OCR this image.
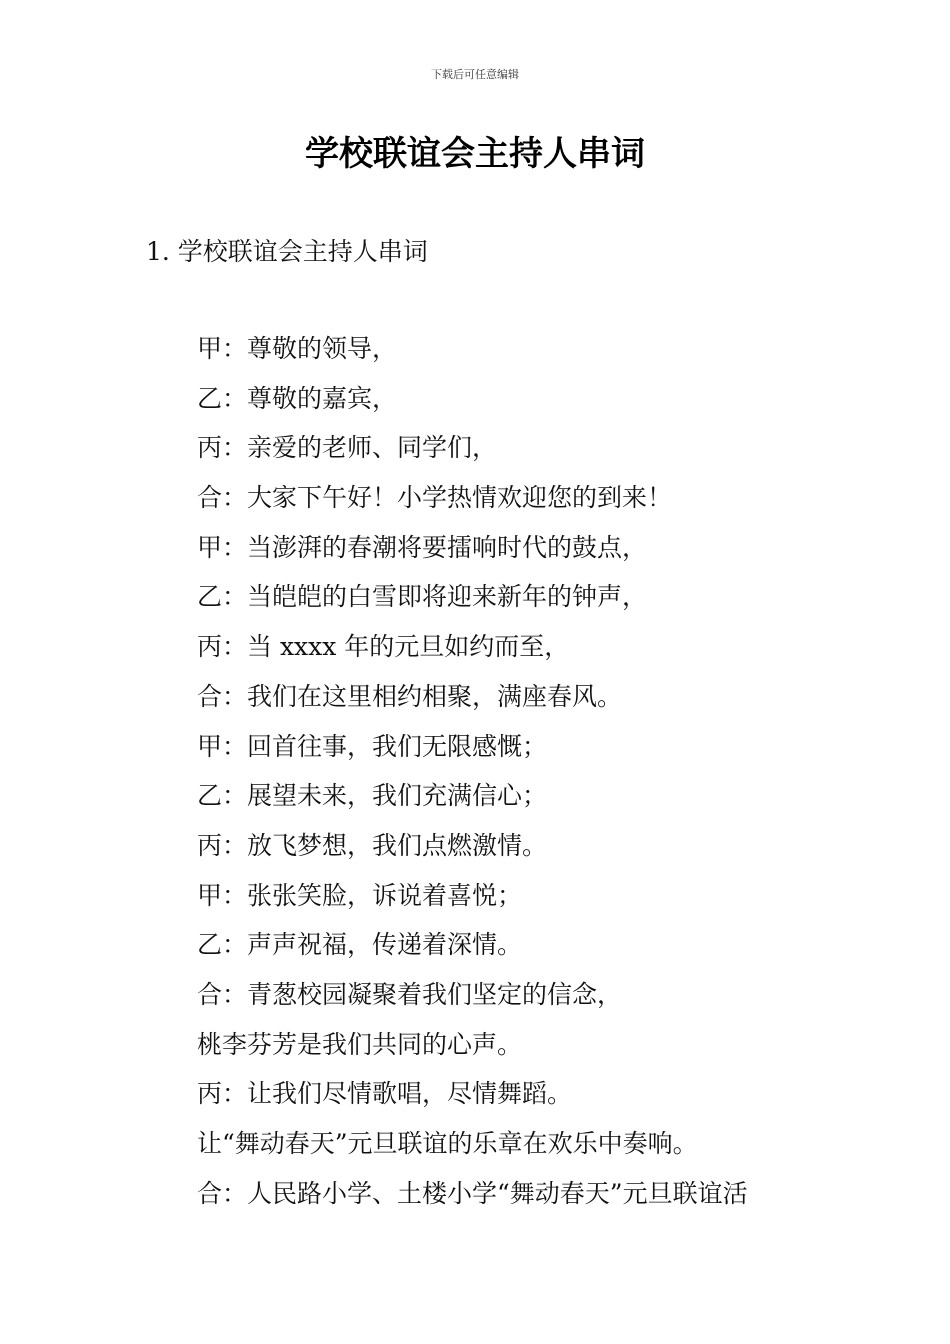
下载后可任意编辑
学校联谊会主持人串词
1. 学校联谊会主持人串词
甲：尊敬的领导，
乙：尊敬的嘉宾，
丙：亲爱的老师、同学们，
合：大家下午好！小学热情欢迎您的到来！
甲：当澎湃的春潮将要擂响时代的鼓点，
乙：当皑皑的白雪即将迎来新年的钟声，
丙：当 xxxx 年的元旦如约而至，
合：我们在这里相约相聚，满座春风。
甲：回首往事，我们无限感慨；
乙：展望未来，我们充满信心；
丙：放飞梦想，我们点燃激情。
甲：张张笑脸，诉说着喜悦；
乙：声声祝福，传递着深情。
合：青葱校园凝聚着我们坚定的信念，
桃李芬芳是我们共同的心声。
丙：让我们尽情歌唱，尽情舞蹈。
让“舞动春天”元旦联谊的乐章在欢乐中奏响。
合：人民路小学、土楼小学“舞动春天”元旦联谊活
